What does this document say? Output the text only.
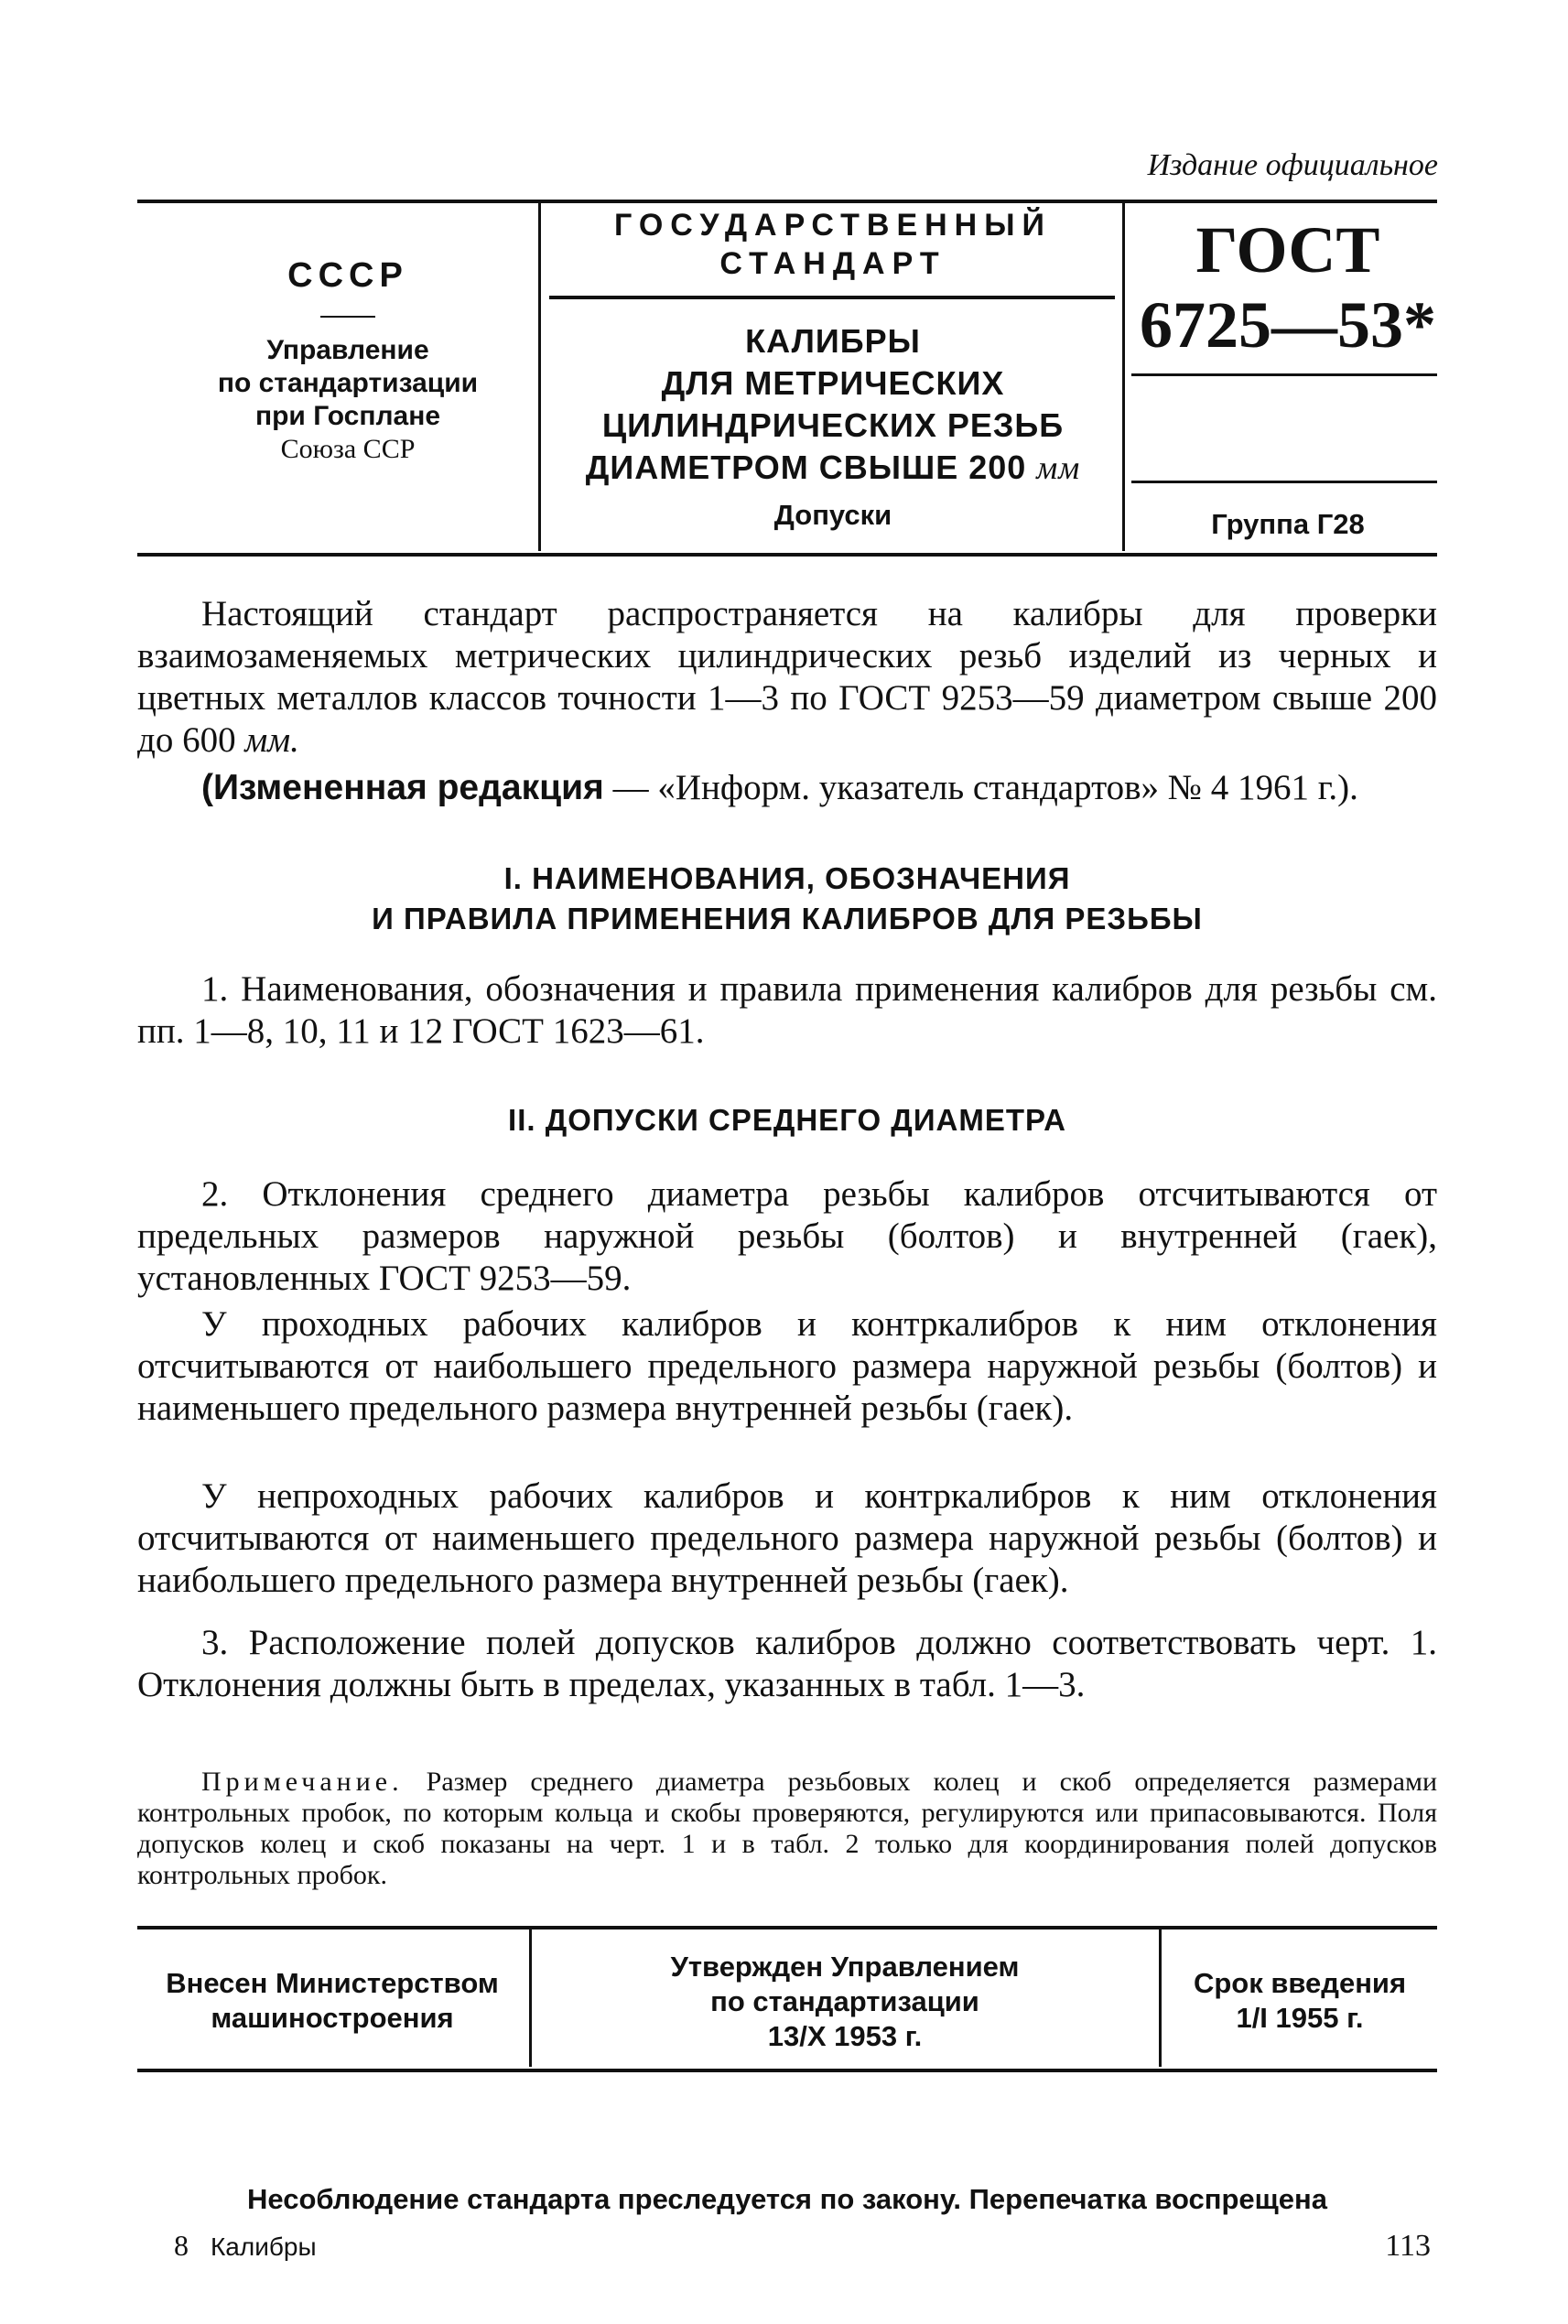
Издание официальное
СССР
Управление
по стандартизации
при Госплане
Союза ССР
ГОСУДАРСТВЕННЫЙ
СТАНДАРТ
КАЛИБРЫ
ДЛЯ МЕТРИЧЕСКИХ
ЦИЛИНДРИЧЕСКИХ РЕЗЬБ
ДИАМЕТРОМ СВЫШЕ 200 мм
Допуски
ГОСТ
6725—53*
Группа Г28
Настоящий стандарт распространяется на калибры для проверки взаимозаменяемых метрических цилиндрических резьб изделий из черных и цветных металлов классов точности 1—3 по ГОСТ 9253—59 диаметром свыше 200 до 600 мм.
(Измененная редакция — «Информ. указатель стандартов» № 4 1961 г.).
I. НАИМЕНОВАНИЯ, ОБОЗНАЧЕНИЯ
И ПРАВИЛА ПРИМЕНЕНИЯ КАЛИБРОВ ДЛЯ РЕЗЬБЫ
1. Наименования, обозначения и правила применения калибров для резьбы см. пп. 1—8, 10, 11 и 12 ГОСТ 1623—61.
II. ДОПУСКИ СРЕДНЕГО ДИАМЕТРА
2. Отклонения среднего диаметра резьбы калибров отсчитываются от предельных размеров наружной резьбы (болтов) и внутренней (гаек), установленных ГОСТ 9253—59.
У проходных рабочих калибров и контркалибров к ним отклонения отсчитываются от наибольшего предельного размера наружной резьбы (болтов) и наименьшего предельного размера внутренней резьбы (гаек).
У непроходных рабочих калибров и контркалибров к ним отклонения отсчитываются от наименьшего предельного размера наружной резьбы (болтов) и наибольшего предельного размера внутренней резьбы (гаек).
3. Расположение полей допусков калибров должно соответствовать черт. 1. Отклонения должны быть в пределах, указанных в табл. 1—3.
Примечание. Размер среднего диаметра резьбовых колец и скоб определяется размерами контрольных пробок, по которым кольца и скобы проверяются, регулируются или припасовываются. Поля допусков колец и скоб показаны на черт. 1 и в табл. 2 только для координирования полей допусков контрольных пробок.
Внесен Министерством
машиностроения
Утвержден Управлением
по стандартизации
13/X 1953 г.
Срок введения
1/I 1955 г.
Несоблюдение стандарта преследуется по закону. Перепечатка воспрещена
8 Калибры	113
